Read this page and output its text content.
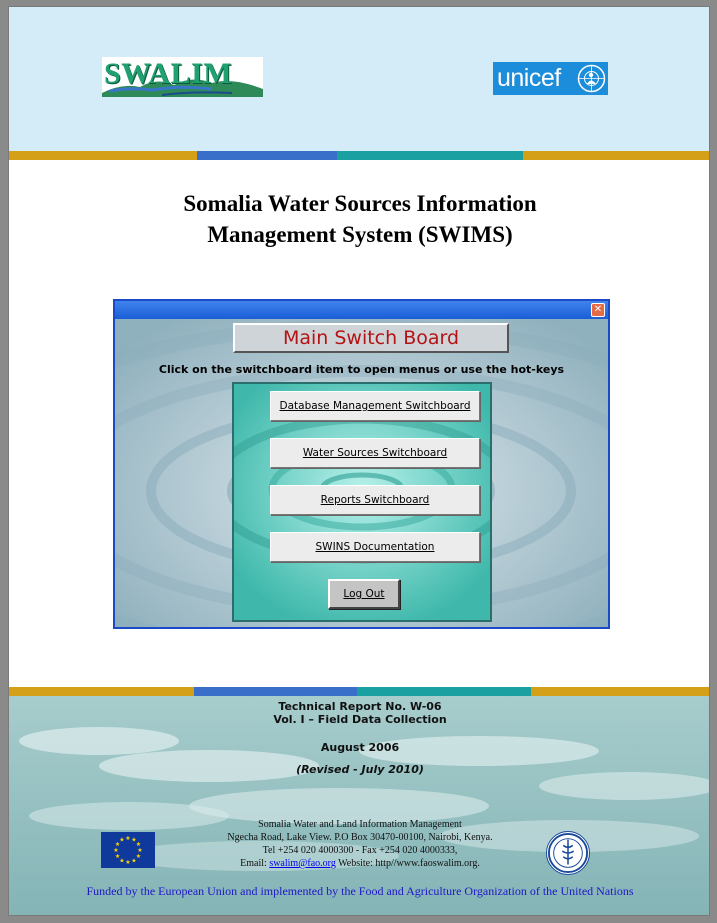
SWALIM	unicef
Somalia Water Sources Information
Management System (SWIMS)
✕
Main Switch Board
Click on the switchboard item to open menus or use the hot-keys
Database Management Switchboard
Water Sources Switchboard
Reports Switchboard
SWINS Documentation
Log Out
Technical Report No. W-06
Vol. I – Field Data Collection
August 2006
(Revised - July 2010)
★ ★
★
★
★
★
★
★
★
★
★
★
Somalia Water and Land Information Management
Ngecha Road, Lake View. P.O Box 30470-00100, Nairobi, Kenya.
Tel +254 020 4000300 - Fax +254 020 4000333,
Email: swalim@fao.org Website: http//www.faoswalim.org.
Funded by the European Union and implemented by the Food and Agriculture Organization of the United Nations
